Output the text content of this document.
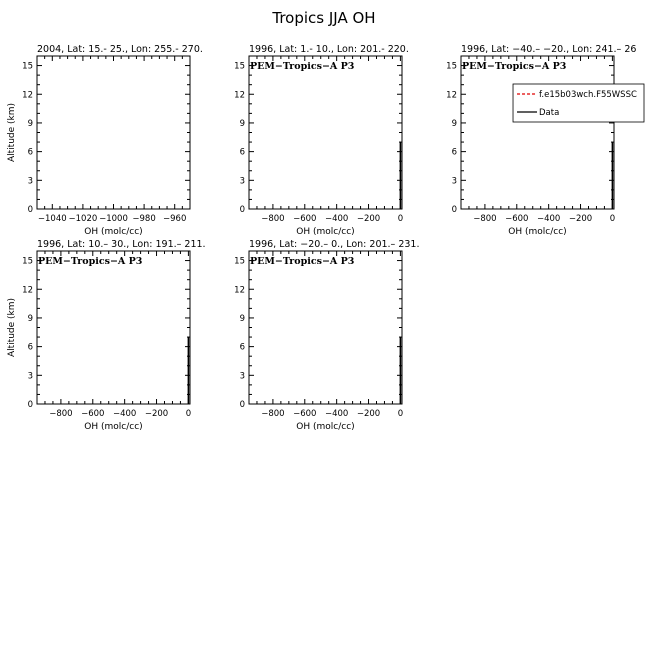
Tropics JJA OH
2004, Lat: 15.- 25., Lon: 255.- 270.
0
3
6
9
12
15
−1040 −1020 −1000 −980 −960
OH (molc/cc)
Altitude (km)
1996, Lat: 1.- 10., Lon: 201.- 220.
0
3
6
9
12
15
−800 −600 −400 −200 0
OH (molc/cc)
PEM−Tropics−A P3
1996, Lat: −40.– −20., Lon: 241.– 26
0
3
6
9
12
15
−800 −600 −400 −200 0
OH (molc/cc)
PEM−Tropics−A P3
f.e15b03wch.F55WSSC
Data
1996, Lat: 10.– 30., Lon: 191.– 211.
0
3
6
9
12
15
−800 −600 −400 −200 0
OH (molc/cc)
Altitude (km)
PEM−Tropics−A P3
1996, Lat: −20.– 0., Lon: 201.– 231.
0
3
6
9
12
15
−800 −600 −400 −200 0
OH (molc/cc)
PEM−Tropics−A P3
